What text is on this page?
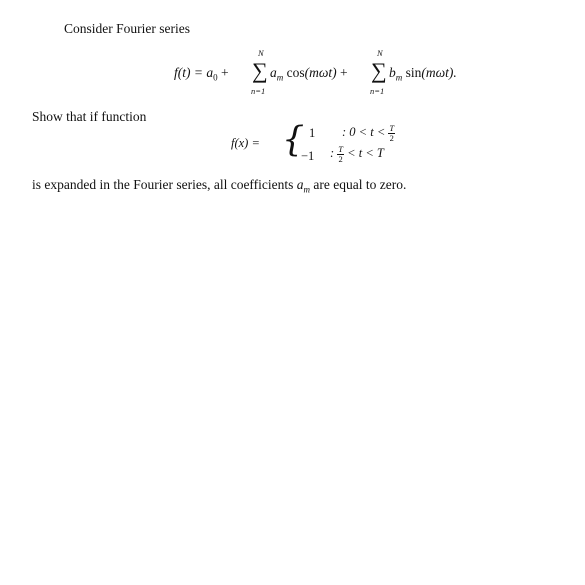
Consider Fourier series
$f(t) = a_0$ +
N
∑
n=1
$a_m$ cos(mωt) +
N
∑
n=1
$b_m$ sin(mωt).
Show that if function
f(x) = { 1 : $0 < t < \frac{T}{2}$
−1 : $\frac{T}{2} < t < T$
is expanded in the Fourier series, all coefficients $a_m$ are equal to zero.
